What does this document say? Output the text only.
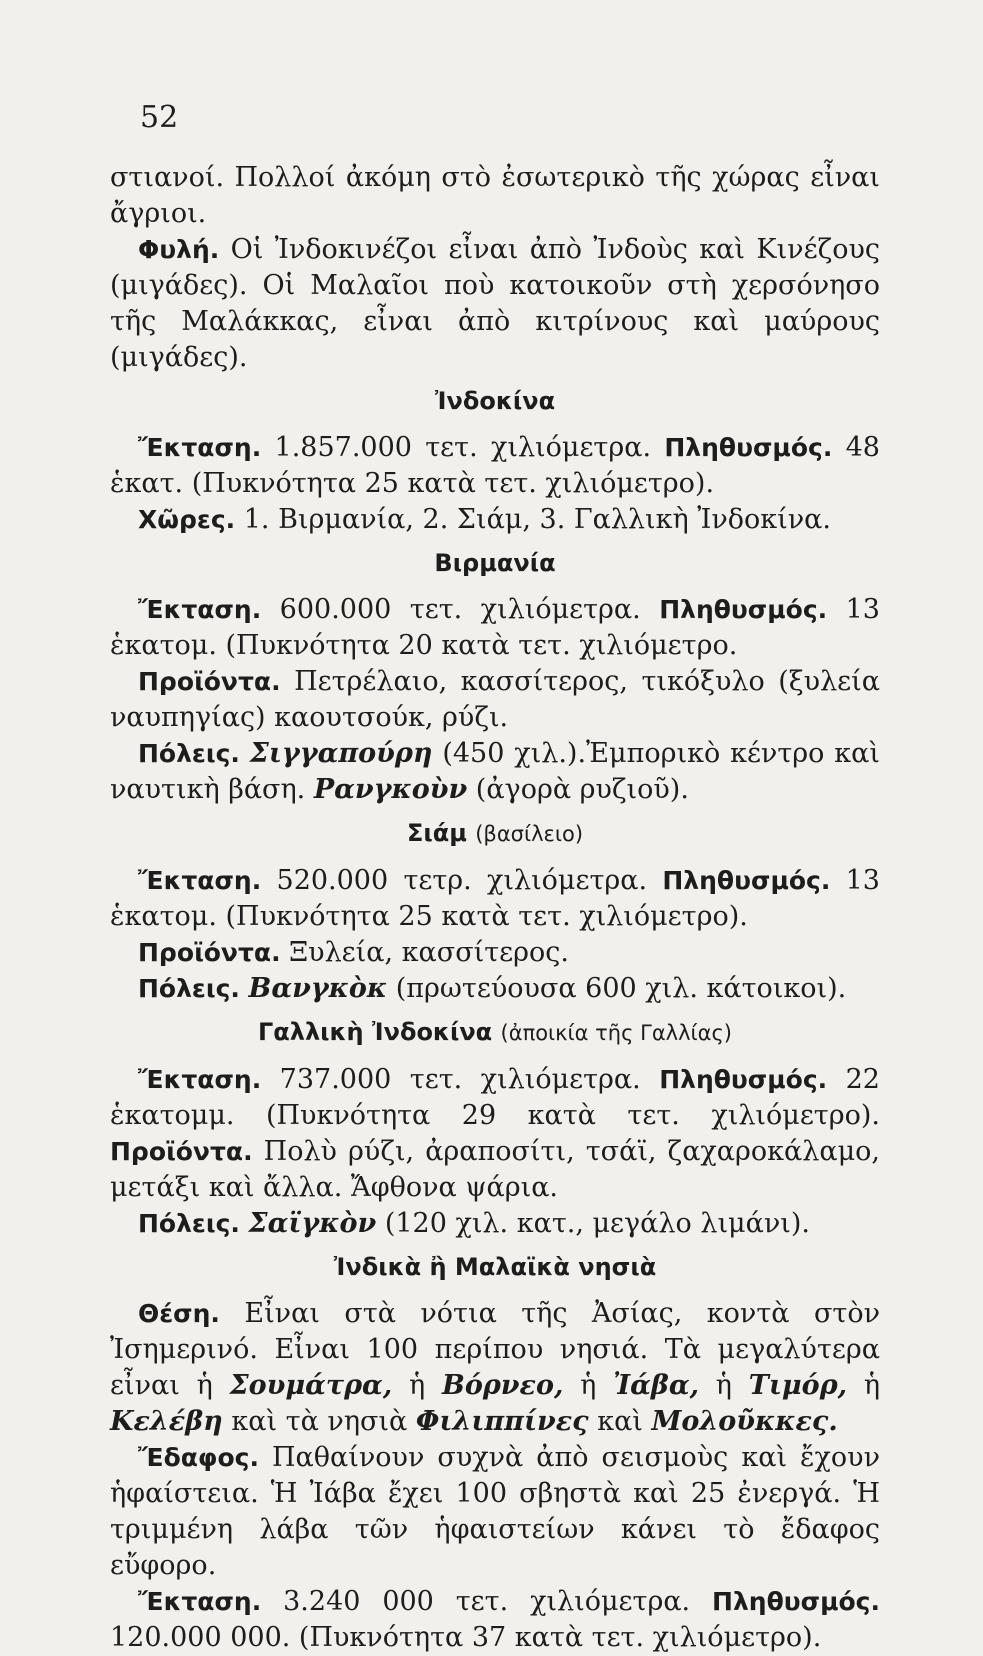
52

στιανοί. Πολλοί ἀκόμη στὸ ἐσωτερικὸ τῆς χώρας εἶναι ἄγριοι.

Φυλή. Οἱ Ἰνδοκινέζοι εἶναι ἀπὸ Ἰνδοὺς καὶ Κινέζους (μιγάδες). Οἱ Μαλαῖοι ποὺ κατοικοῦν στὴ χερσόνησο τῆς Μαλάκκας, εἶναι ἀπὸ κιτρίνους καὶ μαύρους (μιγάδες).

Ἰνδοκίνα

Ἔκταση. 1.857.000 τετ. χιλιόμετρα. Πληθυσμός. 48 ἑκατ. (Πυκνότητα 25 κατὰ τετ. χιλιόμετρο).

Χῶρες. 1. Βιρμανία, 2. Σιάμ, 3. Γαλλικὴ Ἰνδοκίνα.

Βιρμανία

Ἔκταση. 600.000 τετ. χιλιόμετρα. Πληθυσμός. 13 ἑκατομ. (Πυκνότητα 20 κατὰ τετ. χιλιόμετρο.

Προϊόντα. Πετρέλαιο, κασσίτερος, τικόξυλο (ξυλεία ναυπηγίας) καουτσούκ, ρύζι.

Πόλεις. Σιγγαπούρη (450 χιλ.).Ἐμπορικὸ κέντρο καὶ ναυτικὴ βάση. Ρανγκοὺν (ἀγορὰ ρυζιοῦ).

Σιάμ (βασίλειο)

Ἔκταση. 520.000 τετρ. χιλιόμετρα. Πληθυσμός. 13 ἑκατομ. (Πυκνότητα 25 κατὰ τετ. χιλιόμετρο).

Προϊόντα. Ξυλεία, κασσίτερος.

Πόλεις. Βανγκὸκ (πρωτεύουσα 600 χιλ. κάτοικοι).

Γαλλικὴ Ἰνδοκίνα (ἀποικία τῆς Γαλλίας)

Ἔκταση. 737.000 τετ. χιλιόμετρα. Πληθυσμός. 22 ἑκατομμ. (Πυκνότητα 29 κατὰ τετ. χιλιόμετρο). Προϊόντα. Πολὺ ρύζι, ἀραποσίτι, τσάϊ, ζαχαροκάλαμο, μετάξι καὶ ἄλλα. Ἄφθονα ψάρια.

Πόλεις. Σαϊγκὸν (120 χιλ. κατ., μεγάλο λιμάνι).

Ἰνδικὰ ἢ Μαλαϊκὰ νησιὰ

Θέση. Εἶναι στὰ νότια τῆς Ἀσίας, κοντὰ στὸν Ἰσημερινό. Εἶναι 100 περίπου νησιά. Τὰ μεγαλύτερα εἶναι ἡ Σουμάτρα, ἡ Βόρνεο, ἡ Ἰάβα, ἡ Τιμόρ, ἡ Κελέβη καὶ τὰ νησιὰ Φιλιππίνες καὶ Μολοῦκκες.

Ἔδαφος. Παθαίνουν συχνὰ ἀπὸ σεισμοὺς καὶ ἔχουν ἡφαίστεια. Ἡ Ἰάβα ἔχει 100 σβηστὰ καὶ 25 ἐνεργά. Ἡ τριμμένη λάβα τῶν ἡφαιστείων κάνει τὸ ἔδαφος εὔφορο.

Ἔκταση. 3.240 000 τετ. χιλιόμετρα. Πληθυσμός. 120.000 000. (Πυκνότητα 37 κατὰ τετ. χιλιόμετρο).
